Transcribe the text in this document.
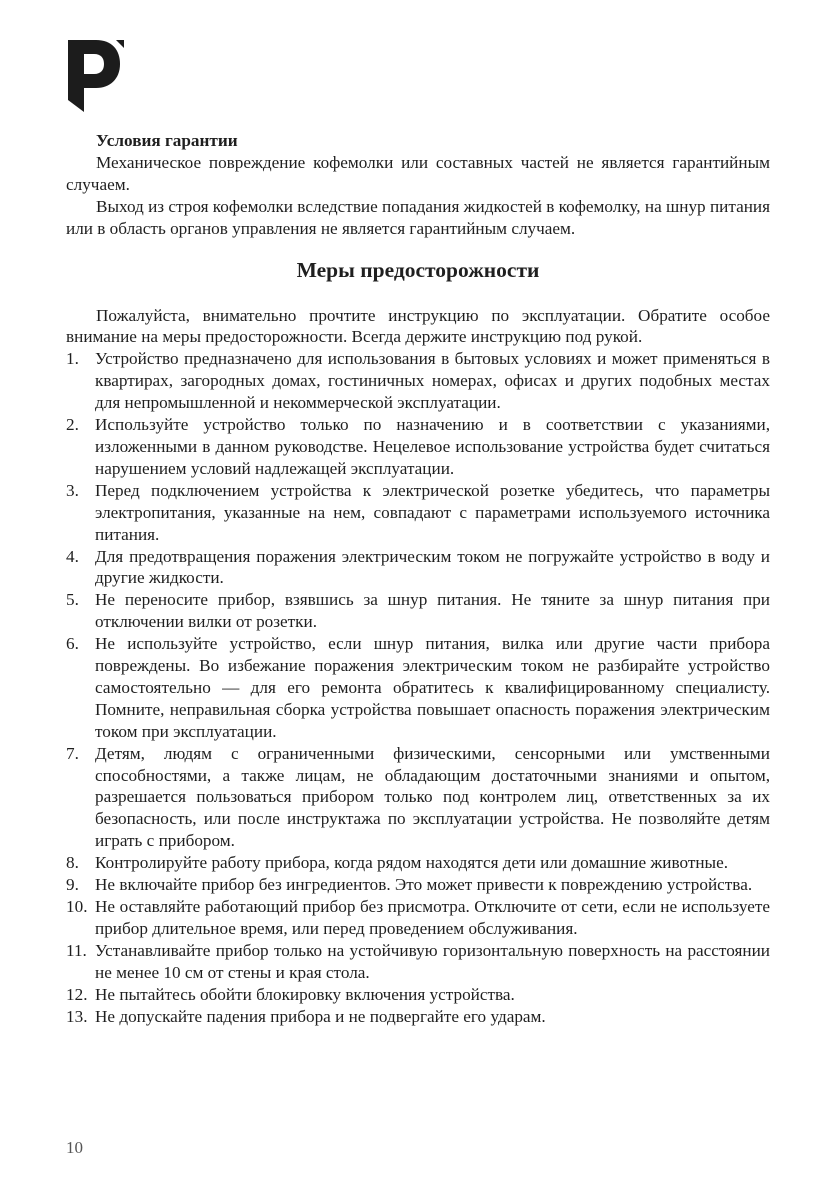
Условия гарантии

Механическое повреждение кофемолки или составных частей не является гарантийным случаем.

Выход из строя кофемолки вследствие попадания жидкостей в кофемолку, на шнур питания или в область органов управления не является гарантийным случаем.

Меры предосторожности

Пожалуйста, внимательно прочтите инструкцию по эксплуатации. Обратите особое внимание на меры предосторожности. Всегда держите инструкцию под рукой.

1. Устройство предназначено для использования в бытовых условиях и может применяться в квартирах, загородных домах, гостиничных номерах, офисах и других подобных местах для непромышленной и некоммерческой эксплуатации.
2. Используйте устройство только по назначению и в соответствии с указаниями, изложенными в данном руководстве. Нецелевое использование устройства будет считаться нарушением условий надлежащей эксплуатации.
3. Перед подключением устройства к электрической розетке убедитесь, что параметры электропитания, указанные на нем, совпадают с параметрами используемого источника питания.
4. Для предотвращения поражения электрическим током не погружайте устройство в воду и другие жидкости.
5. Не переносите прибор, взявшись за шнур питания. Не тяните за шнур питания при отключении вилки от розетки.
6. Не используйте устройство, если шнур питания, вилка или другие части прибора повреждены. Во избежание поражения электрическим током не разбирайте устройство самостоятельно — для его ремонта обратитесь к квалифицированному специалисту. Помните, неправильная сборка устройства повышает опасность поражения электрическим током при эксплуатации.
7. Детям, людям с ограниченными физическими, сенсорными или умственными способностями, а также лицам, не обладающим достаточными знаниями и опытом, разрешается пользоваться прибором только под контролем лиц, ответственных за их безопасность, или после инструктажа по эксплуатации устройства. Не позволяйте детям играть с прибором.
8. Контролируйте работу прибора, когда рядом находятся дети или домашние животные.
9. Не включайте прибор без ингредиентов. Это может привести к повреждению устройства.
10. Не оставляйте работающий прибор без присмотра. Отключите от сети, если не используете прибор длительное время, или перед проведением обслуживания.
11. Устанавливайте прибор только на устойчивую горизонтальную поверхность на расстоянии не менее 10 см от стены и края стола.
12. Не пытайтесь обойти блокировку включения устройства.
13. Не допускайте падения прибора и не подвергайте его ударам.
10
